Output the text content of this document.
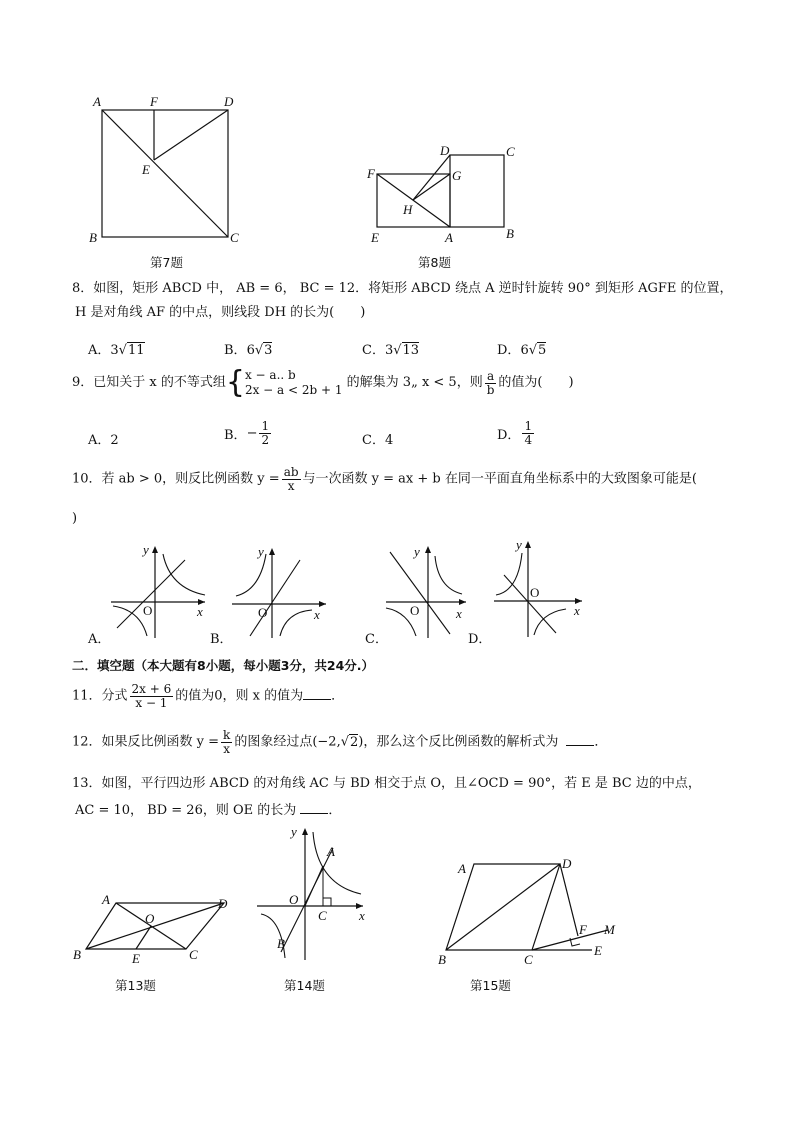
A	F	D
E
B	C
第7题
D	C
F	G
H
E	A	B
第8题
8．如图，矩形 ABCD 中， AB = 6， BC = 12．将矩形 ABCD 绕点 A 逆时针旋转 90° 到矩形 AGFE 的位置，
H 是对角线 AF 的中点，则线段 DH 的长为(　　)
A．3√11	B．6√3	C．3√13	D．6√5
9．已知关于 x 的不等式组{x − a.. b
2x − a < 2b + 1 的解集为 3„ x < 5，则 $\frac{a}{b}$ 的值为(　　)
A．2	B．− $\frac{1}{2}$	C．4	D． $\frac{1}{4}$
10．若 ab > 0，则反比例函数 $y = \frac{ab}{x}$ 与一次函数 y = ax + b 在同一平面直角坐标系中的大致图象可能是(
)
y
x
O
A．
y
x
O
B．
y
x
O
C．
y
x
O
D．
二．填空题（本大题有8小题，每小题3分，共24分.）
11．分式 $\frac{2x + 6}{x - 1}$ 的值为0，则 x 的值为 ．
12．如果反比例函数 $y = \frac{k}{x}$ 的图象经过点(−2,√2)，那么这个反比例函数的解析式为	．
13．如图，平行四边形 ABCD 的对角线 AC 与 BD 相交于点 O，且∠OCD = 90°，若 E 是 BC 边的中点，
AC = 10， BD = 26，则 OE 的长为 ．
A	D
O
B	E	C
第13题
y
A
O
C x
B
第14题
A	D
F M
B	C
E
第15题
